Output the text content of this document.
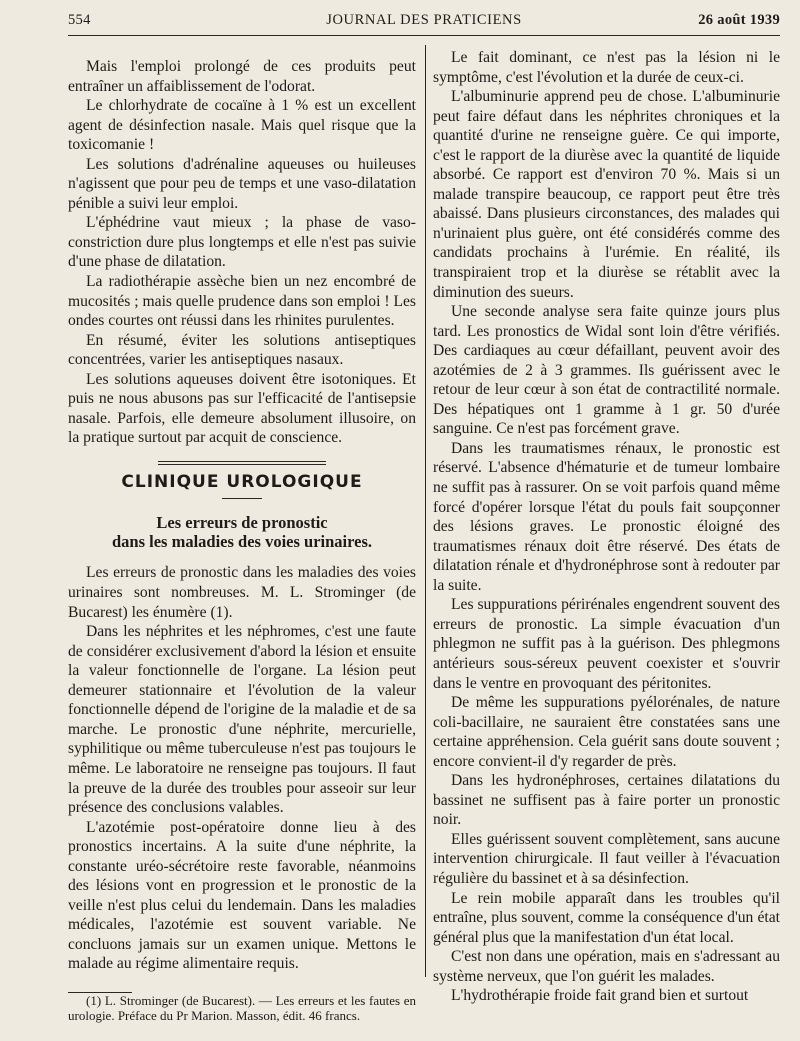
554	JOURNAL DES PRATICIENS	26 août 1939

Mais l'emploi prolongé de ces produits peut entraîner un affaiblissement de l'odorat.

Le chlorhydrate de cocaïne à 1 % est un excellent agent de désinfection nasale. Mais quel risque que la toxicomanie !

Les solutions d'adrénaline aqueuses ou huileuses n'agissent que pour peu de temps et une vaso-dilatation pénible a suivi leur emploi.

L'éphédrine vaut mieux ; la phase de vaso-constriction dure plus longtemps et elle n'est pas suivie d'une phase de dilatation.

La radiothérapie assèche bien un nez encombré de mucosités ; mais quelle prudence dans son emploi ! Les ondes courtes ont réussi dans les rhinites purulentes.

En résumé, éviter les solutions antiseptiques concentrées, varier les antiseptiques nasaux.

Les solutions aqueuses doivent être isotoniques. Et puis ne nous abusons pas sur l'efficacité de l'antisepsie nasale. Parfois, elle demeure absolument illusoire, on la pratique surtout par acquit de conscience.

CLINIQUE UROLOGIQUE
Les erreurs de pronostic
dans les maladies des voies urinaires.

Les erreurs de pronostic dans les maladies des voies urinaires sont nombreuses. M. L. Strominger (de Bucarest) les énumère (1).

Dans les néphrites et les néphromes, c'est une faute de considérer exclusivement d'abord la lésion et ensuite la valeur fonctionnelle de l'organe. La lésion peut demeurer stationnaire et l'évolution de la valeur fonctionnelle dépend de l'origine de la maladie et de sa marche. Le pronostic d'une néphrite, mercurielle, syphilitique ou même tuberculeuse n'est pas toujours le même. Le laboratoire ne renseigne pas toujours. Il faut la preuve de la durée des troubles pour asseoir sur leur présence des conclusions valables.

L'azotémie post-opératoire donne lieu à des pronostics incertains. A la suite d'une néphrite, la constante uréo-sécrétoire reste favorable, néanmoins des lésions vont en progression et le pronostic de la veille n'est plus celui du lendemain. Dans les maladies médicales, l'azotémie est souvent variable. Ne concluons jamais sur un examen unique. Mettons le malade au régime alimentaire requis.

(1) L. Strominger (de Bucarest). — Les erreurs et les fautes en urologie. Préface du Pr Marion. Masson, édit. 46 francs.

Le fait dominant, ce n'est pas la lésion ni le symptôme, c'est l'évolution et la durée de ceux-ci.

L'albuminurie apprend peu de chose. L'albuminurie peut faire défaut dans les néphrites chroniques et la quantité d'urine ne renseigne guère. Ce qui importe, c'est le rapport de la diurèse avec la quantité de liquide absorbé. Ce rapport est d'environ 70 %. Mais si un malade transpire beaucoup, ce rapport peut être très abaissé. Dans plusieurs circonstances, des malades qui n'urinaient plus guère, ont été considérés comme des candidats prochains à l'urémie. En réalité, ils transpiraient trop et la diurèse se rétablit avec la diminution des sueurs.

Une seconde analyse sera faite quinze jours plus tard. Les pronostics de Widal sont loin d'être vérifiés. Des cardiaques au cœur défaillant, peuvent avoir des azotémies de 2 à 3 grammes. Ils guérissent avec le retour de leur cœur à son état de contractilité normale. Des hépatiques ont 1 gramme à 1 gr. 50 d'urée sanguine. Ce n'est pas forcément grave.

Dans les traumatismes rénaux, le pronostic est réservé. L'absence d'hématurie et de tumeur lombaire ne suffit pas à rassurer. On se voit parfois quand même forcé d'opérer lorsque l'état du pouls fait soupçonner des lésions graves. Le pronostic éloigné des traumatismes rénaux doit être réservé. Des états de dilatation rénale et d'hydronéphrose sont à redouter par la suite.

Les suppurations périrénales engendrent souvent des erreurs de pronostic. La simple évacuation d'un phlegmon ne suffit pas à la guérison. Des phlegmons antérieurs sous-séreux peuvent coexister et s'ouvrir dans le ventre en provoquant des péritonites.

De même les suppurations pyélorénales, de nature coli-bacillaire, ne sauraient être constatées sans une certaine appréhension. Cela guérit sans doute souvent ; encore convient-il d'y regarder de près.

Dans les hydronéphroses, certaines dilatations du bassinet ne suffisent pas à faire porter un pronostic noir.

Elles guérissent souvent complètement, sans aucune intervention chirurgicale. Il faut veiller à l'évacuation régulière du bassinet et à sa désinfection.

Le rein mobile apparaît dans les troubles qu'il entraîne, plus souvent, comme la conséquence d'un état général plus que la manifestation d'un état local.

C'est non dans une opération, mais en s'adressant au système nerveux, que l'on guérit les malades.

L'hydrothérapie froide fait grand bien et surtout
